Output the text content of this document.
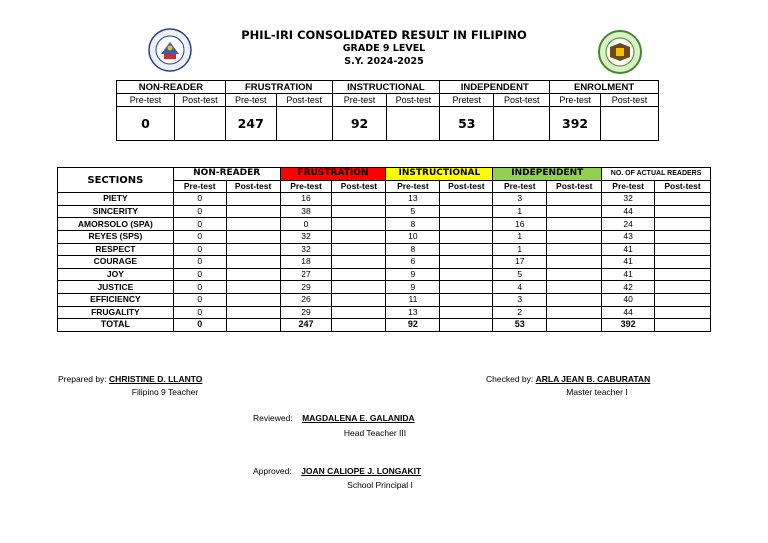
PHIL-IRI CONSOLIDATED RESULT IN FILIPINO
GRADE 9 LEVEL
S.Y. 2024-2025
NON-READER		FRUSTRATION		INSTRUCTIONAL		INDEPENDENT		ENROLMENT	
Pre-test	Post-test	Pre-test	Post-test	Pre-test	Post-test	Pretest	Post-test	Pre-test	Post-test
0		247		92		53		392	
SECTIONS	NON-READER		FRUSTRATION		INSTRUCTIONAL		INDEPENDENT		NO. OF ACTUAL READERS	
	Pre-test	Post-test	Pre-test	Post-test	Pre-test	Post-test	Pre-test	Post-test	Pre-test	Post-test
PIETY	0		16		13		3		32	
SINCERITY	0		38		5		1		44	
AMORSOLO (SPA)	0		0		8		16		24	
REYES (SPS)	0		32		10		1		43	
RESPECT	0		32		8		1		41	
COURAGE	0		18		6		17		41	
JOY	0		27		9		5		41	
JUSTICE	0		29		9		4		42	
EFFICIENCY	0		26		11		3		40	
FRUGALITY	0		29		13		2		44	
TOTAL	0		247		92		53		392	
Prepared by: CHRISTINE D. LLANTO
Filipino 9 Teacher
Checked by: ARLA JEAN B. CABURATAN
Master teacher I
Reviewed: MAGDALENA E. GALANIDA
Head Teacher III
Approved: JOAN CALIOPE J. LONGAKIT
School Principal I
